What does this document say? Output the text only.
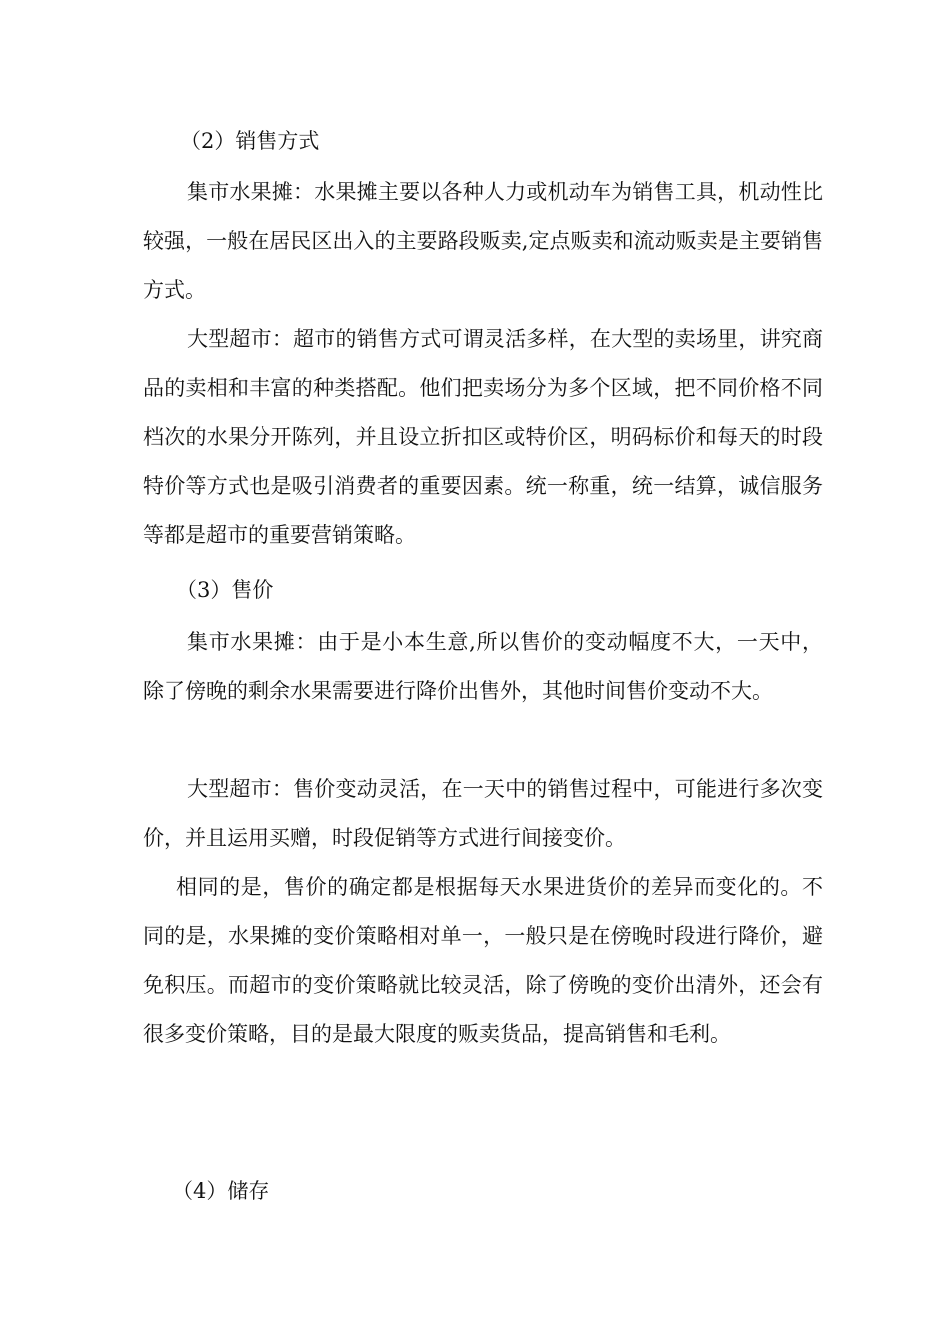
（2）销售方式

集市水果摊：水果摊主要以各种人力或机动车为销售工具，机动性比较强，一般在居民区出入的主要路段贩卖,定点贩卖和流动贩卖是主要销售方式。

大型超市：超市的销售方式可谓灵活多样，在大型的卖场里，讲究商品的卖相和丰富的种类搭配。他们把卖场分为多个区域，把不同价格不同档次的水果分开陈列，并且设立折扣区或特价区，明码标价和每天的时段特价等方式也是吸引消费者的重要因素。统一称重，统一结算，诚信服务等都是超市的重要营销策略。

（3）售价

集市水果摊：由于是小本生意,所以售价的变动幅度不大，一天中，除了傍晚的剩余水果需要进行降价出售外，其他时间售价变动不大。

大型超市：售价变动灵活，在一天中的销售过程中，可能进行多次变价，并且运用买赠，时段促销等方式进行间接变价。

相同的是，售价的确定都是根据每天水果进货价的差异而变化的。不同的是，水果摊的变价策略相对单一，一般只是在傍晚时段进行降价，避免积压。而超市的变价策略就比较灵活，除了傍晚的变价出清外，还会有很多变价策略，目的是最大限度的贩卖货品，提高销售和毛利。

（4）储存
